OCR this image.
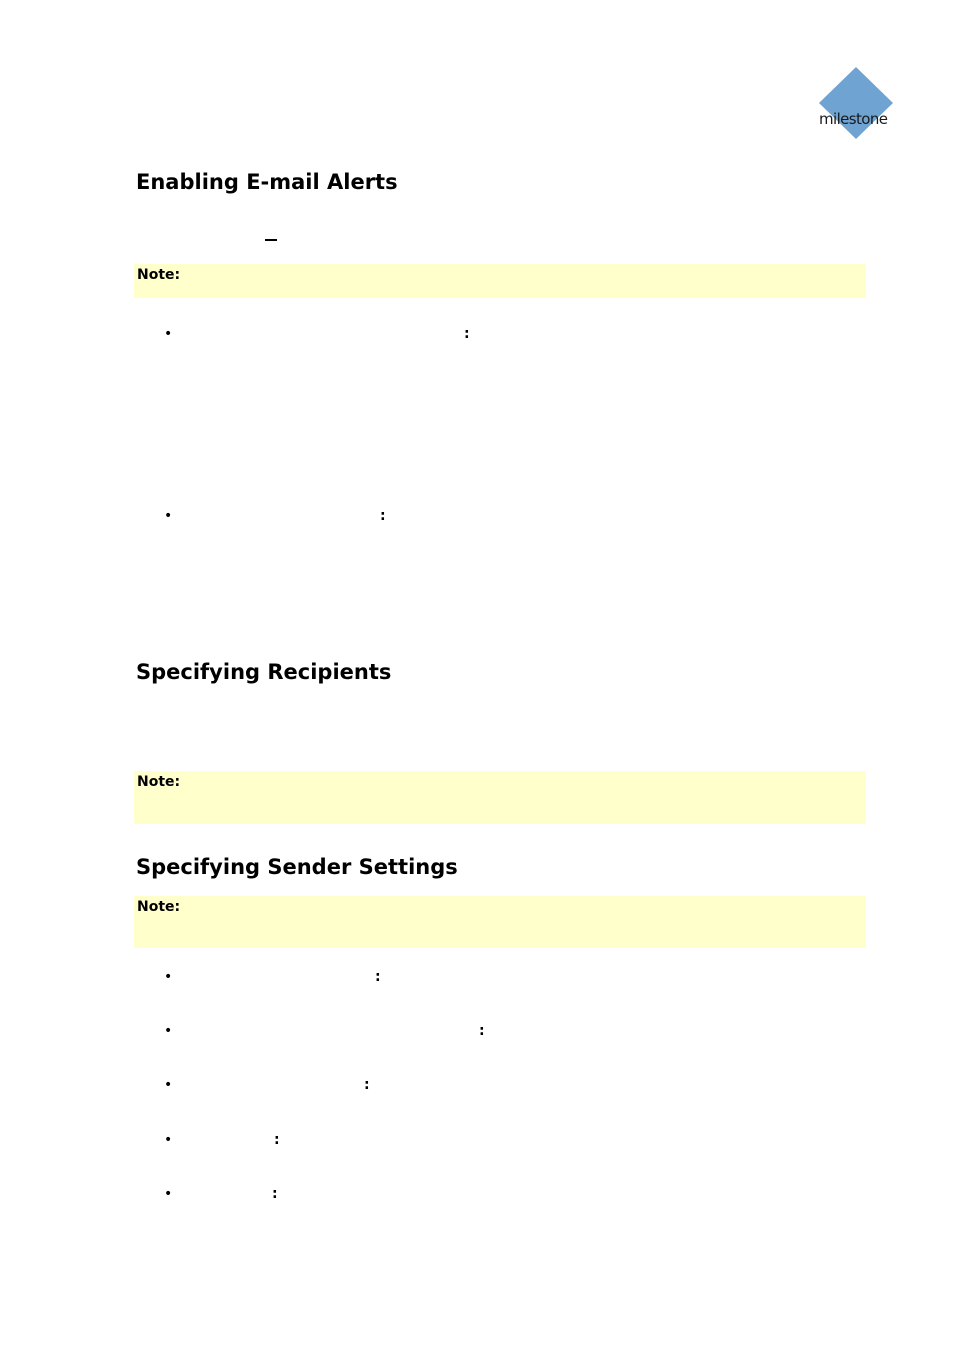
milestone
Enabling E-mail Alerts
Note:
•	:
•	:
Specifying Recipients
Note:
Specifying Sender Settings
Note:
•	:
•	:
•	:
•	:
•	:
